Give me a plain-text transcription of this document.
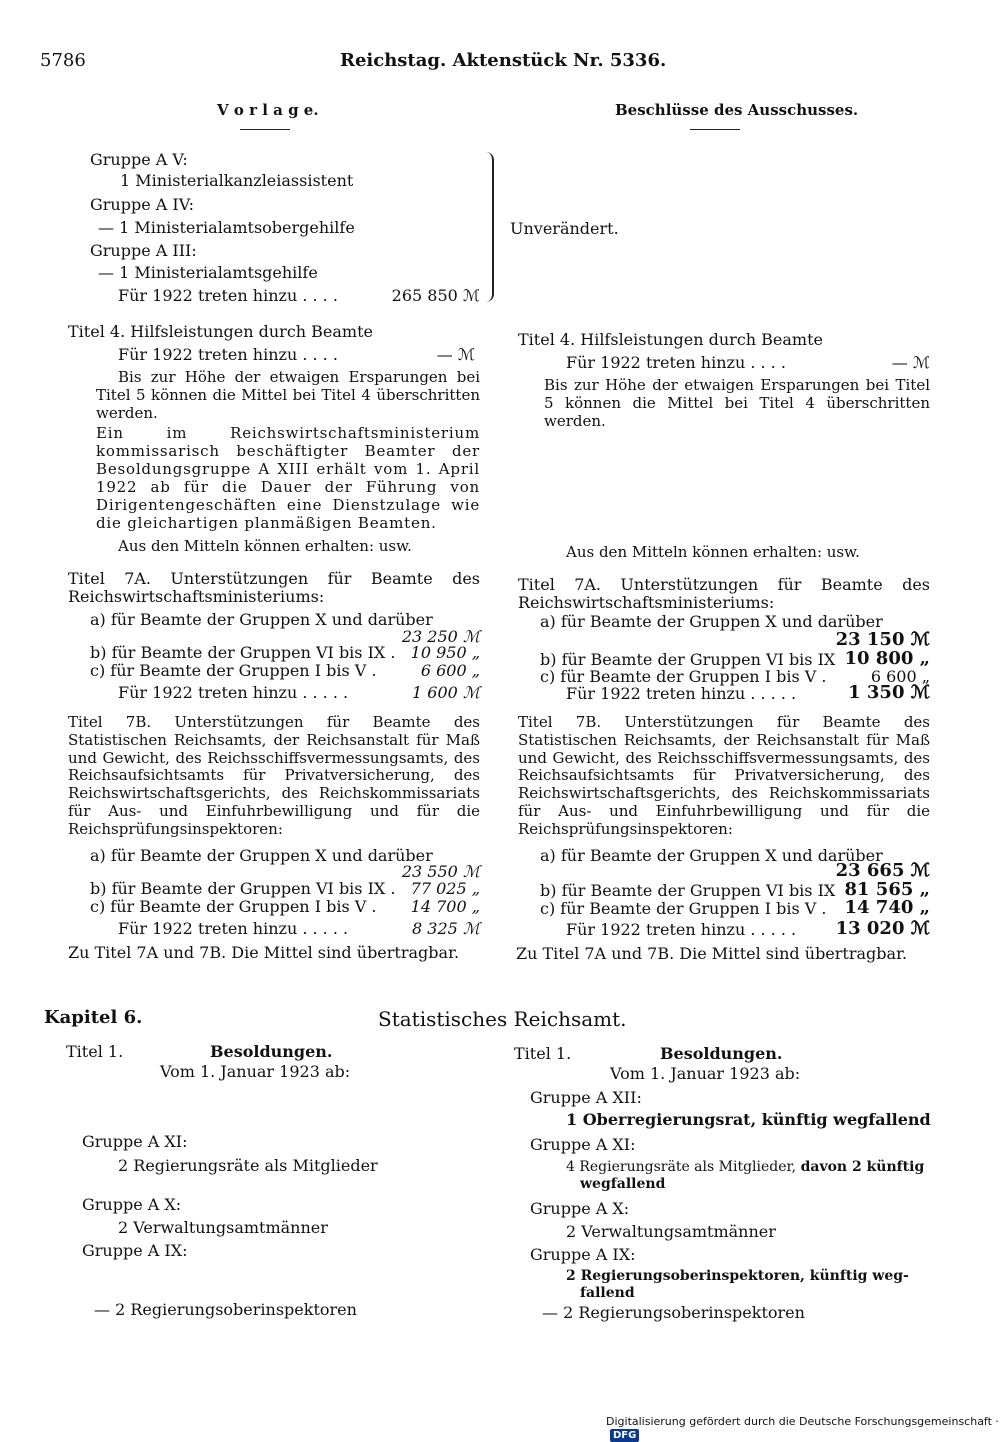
5786	Reichstag. Aktenstück Nr. 5336.
V o r l a g e.	Beschlüsse des Ausschusses.
Gruppe A V:
1 Ministerialkanzleiassistent
Gruppe A IV:
— 1 Ministerialamtsobergehilfe
Gruppe A III:
— 1 Ministerialamtsgehilfe
Für 1922 treten hinzu . . . .	265 850 ℳ
Unverändert.
Titel 4. Hilfsleistungen durch Beamte
Für 1922 treten hinzu . . . .	— ℳ
Bis zur Höhe der etwaigen Ersparungen bei Titel 5 können die Mittel bei Titel 4 überschritten werden.
Ein im Reichswirtschaftsministerium kommissarisch beschäftigter Beamter der Besoldungsgruppe A XIII erhält vom 1. April 1922 ab für die Dauer der Führung von Dirigentengeschäften eine Dienstzulage wie die gleichartigen planmäßigen Beamten.
Aus den Mitteln können erhalten: usw.
Titel 4. Hilfsleistungen durch Beamte
Für 1922 treten hinzu . . . .	— ℳ
Bis zur Höhe der etwaigen Ersparungen bei Titel 5 können die Mittel bei Titel 4 überschritten werden.
Aus den Mitteln können erhalten: usw.
Titel 7A. Unterstützungen für Beamte des Reichswirtschaftsministeriums:
a) für Beamte der Gruppen X und darüber
23 250 ℳ
b) für Beamte der Gruppen VI bis IX . 10 950 „
c) für Beamte der Gruppen I bis V .	6 600 „
Für 1922 treten hinzu . . . . .	1 600 ℳ
Titel 7A. Unterstützungen für Beamte des Reichswirtschaftsministeriums:
a) für Beamte der Gruppen X und darüber
23 150 ℳ
b) für Beamte der Gruppen VI bis IX 10 800 „
c) für Beamte der Gruppen I bis V .	6 600 „
Für 1922 treten hinzu . . . . .	1 350 ℳ
Titel 7B. Unterstützungen für Beamte des Statistischen Reichsamts, der Reichsanstalt für Maß und Gewicht, des Reichsschiffsvermessungsamts, des Reichsaufsichtsamts für Privatversicherung, des Reichswirtschaftsgerichts, des Reichskommissariats für Aus- und Einfuhrbewilligung und für die Reichsprüfungsinspektoren:
a) für Beamte der Gruppen X und darüber
23 550 ℳ
b) für Beamte der Gruppen VI bis IX . 77 025 „
c) für Beamte der Gruppen I bis V .	14 700 „
Für 1922 treten hinzu . . . . .	8 325 ℳ
Zu Titel 7A und 7B. Die Mittel sind übertragbar.
Titel 7B. Unterstützungen für Beamte des Statistischen Reichsamts, der Reichsanstalt für Maß und Gewicht, des Reichsschiffsvermessungsamts, des Reichsaufsichtsamts für Privatversicherung, des Reichswirtschaftsgerichts, des Reichskommissariats für Aus- und Einfuhrbewilligung und für die Reichsprüfungsinspektoren:
a) für Beamte der Gruppen X und darüber
23 665 ℳ
b) für Beamte der Gruppen VI bis IX 81 565 „
c) für Beamte der Gruppen I bis V .	14 740 „
Für 1922 treten hinzu . . . . .	13 020 ℳ
Zu Titel 7A und 7B. Die Mittel sind übertragbar.
Kapitel 6.	Statistisches Reichsamt.
Titel 1.	Besoldungen.
Vom 1. Januar 1923 ab:
Gruppe A XI:
2 Regierungsräte als Mitglieder
Gruppe A X:
2 Verwaltungsamtmänner
Gruppe A IX:
— 2 Regierungsoberinspektoren
Titel 1.	Besoldungen.
Vom 1. Januar 1923 ab:
Gruppe A XII:
1 Oberregierungsrat, künftig wegfallend
Gruppe A XI:
4 Regierungsräte als Mitglieder, davon 2 künftig
wegfallend
Gruppe A X:
2 Verwaltungsamtmänner
Gruppe A IX:
2 Regierungsoberinspektoren, künftig weg-
fallend
— 2 Regierungsoberinspektoren
Digitalisierung gefördert durch die Deutsche Forschungsgemeinschaft ·DFG
